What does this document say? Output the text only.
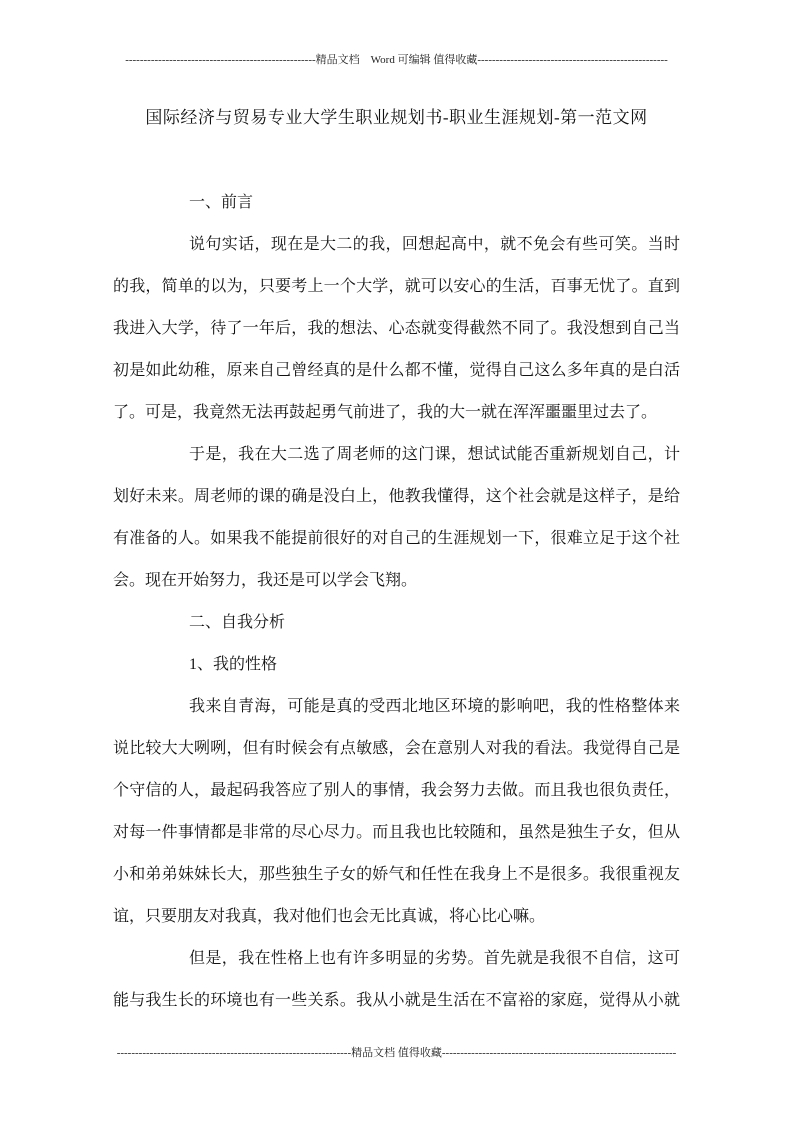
----------------------------------------------------精品文档　Word 可编辑 值得收藏----------------------------------------------------
国际经济与贸易专业大学生职业规划书-职业生涯规划-第一范文网
一、前言
说句实话，现在是大二的我，回想起高中，就不免会有些可笑。当时
的我，简单的以为，只要考上一个大学，就可以安心的生活，百事无忧了。直到
我进入大学，待了一年后，我的想法、心态就变得截然不同了。我没想到自己当
初是如此幼稚，原来自己曾经真的是什么都不懂，觉得自己这么多年真的是白活
了。可是，我竟然无法再鼓起勇气前进了，我的大一就在浑浑噩噩里过去了。
于是，我在大二选了周老师的这门课，想试试能否重新规划自己，计
划好未来。周老师的课的确是没白上，他教我懂得，这个社会就是这样子，是给
有准备的人。如果我不能提前很好的对自己的生涯规划一下，很难立足于这个社
会。现在开始努力，我还是可以学会飞翔。
二、自我分析
1、我的性格
我来自青海，可能是真的受西北地区环境的影响吧，我的性格整体来
说比较大大咧咧，但有时候会有点敏感，会在意别人对我的看法。我觉得自己是
个守信的人，最起码我答应了别人的事情，我会努力去做。而且我也很负责任，
对每一件事情都是非常的尽心尽力。而且我也比较随和，虽然是独生子女，但从
小和弟弟妹妹长大，那些独生子女的娇气和任性在我身上不是很多。我很重视友
谊，只要朋友对我真，我对他们也会无比真诚，将心比心嘛。
但是，我在性格上也有许多明显的劣势。首先就是我很不自信，这可
能与我生长的环境也有一些关系。我从小就是生活在不富裕的家庭，觉得从小就
----------------------------------------------------------------精品文档 值得收藏----------------------------------------------------------------
